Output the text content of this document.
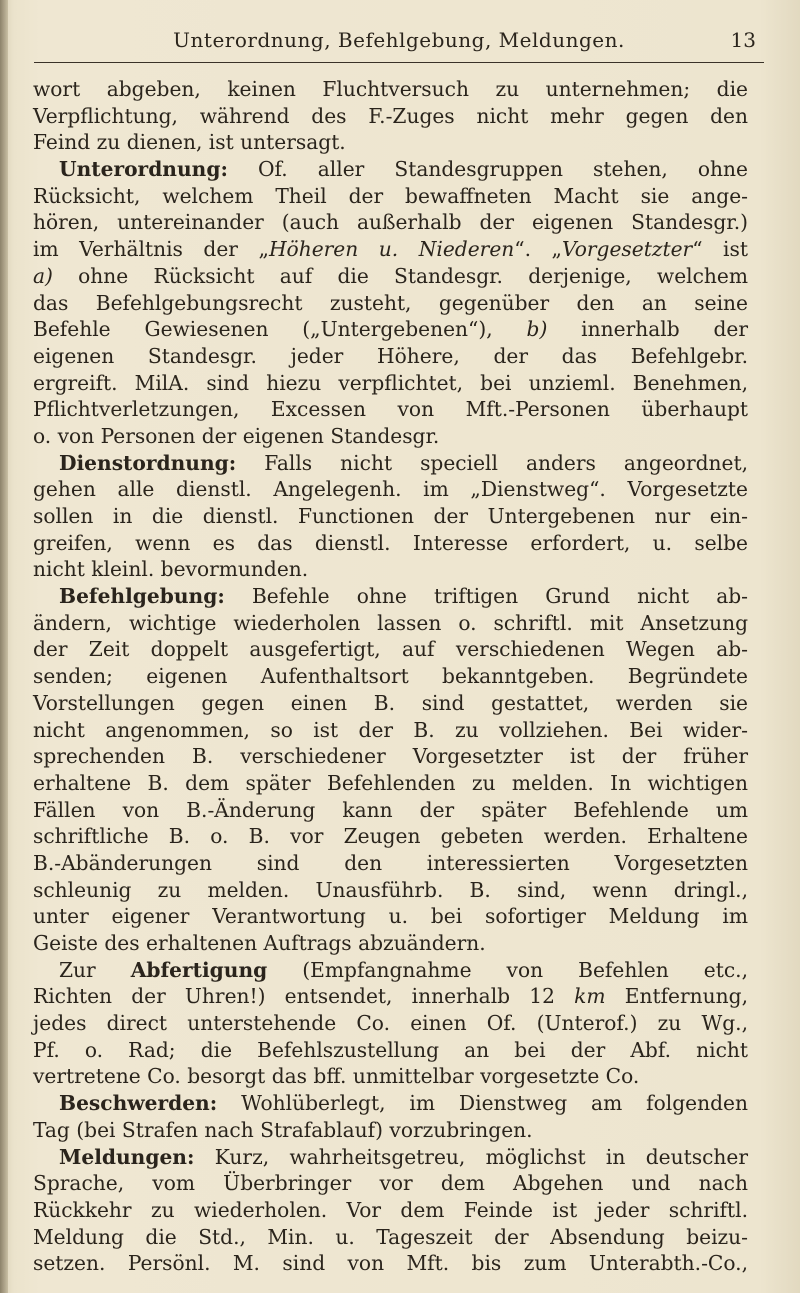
Unterordnung, Befehlgebung, Meldungen.	13
wort abgeben, keinen Fluchtversuch zu unternehmen; die
Verpflichtung, während des F.-Zuges nicht mehr gegen den
Feind zu dienen, ist untersagt.
Unterordnung: Of. aller Standesgruppen stehen, ohne
Rücksicht, welchem Theil der bewaffneten Macht sie ange-
hören, untereinander (auch außerhalb der eigenen Standesgr.)
im Verhältnis der „Höheren u. Niederen“. „Vorgesetzter“ ist
a) ohne Rücksicht auf die Standesgr. derjenige, welchem
das Befehlgebungsrecht zusteht, gegenüber den an seine
Befehle Gewiesenen („Untergebenen“), b) innerhalb der
eigenen Standesgr. jeder Höhere, der das Befehlgebr.
ergreift. MilA. sind hiezu verpflichtet, bei unzieml. Benehmen,
Pflichtverletzungen, Excessen von Mft.-Personen überhaupt
o. von Personen der eigenen Standesgr.
Dienstordnung: Falls nicht speciell anders angeordnet,
gehen alle dienstl. Angelegenh. im „Dienstweg“. Vorgesetzte
sollen in die dienstl. Functionen der Untergebenen nur ein-
greifen, wenn es das dienstl. Interesse erfordert, u. selbe
nicht kleinl. bevormunden.
Befehlgebung: Befehle ohne triftigen Grund nicht ab-
ändern, wichtige wiederholen lassen o. schriftl. mit Ansetzung
der Zeit doppelt ausgefertigt, auf verschiedenen Wegen ab-
senden; eigenen Aufenthaltsort bekanntgeben. Begründete
Vorstellungen gegen einen B. sind gestattet, werden sie
nicht angenommen, so ist der B. zu vollziehen. Bei wider-
sprechenden B. verschiedener Vorgesetzter ist der früher
erhaltene B. dem später Befehlenden zu melden. In wichtigen
Fällen von B.-Änderung kann der später Befehlende um
schriftliche B. o. B. vor Zeugen gebeten werden. Erhaltene
B.-Abänderungen sind den interessierten Vorgesetzten
schleunig zu melden. Unausführb. B. sind, wenn dringl.,
unter eigener Verantwortung u. bei sofortiger Meldung im
Geiste des erhaltenen Auftrags abzuändern.
Zur Abfertigung (Empfangnahme von Befehlen etc.,
Richten der Uhren!) entsendet, innerhalb 12 km Entfernung,
jedes direct unterstehende Co. einen Of. (Unterof.) zu Wg.,
Pf. o. Rad; die Befehlszustellung an bei der Abf. nicht
vertretene Co. besorgt das bff. unmittelbar vorgesetzte Co.
Beschwerden: Wohlüberlegt, im Dienstweg am folgenden
Tag (bei Strafen nach Strafablauf) vorzubringen.
Meldungen: Kurz, wahrheitsgetreu, möglichst in deutscher
Sprache, vom Überbringer vor dem Abgehen und nach
Rückkehr zu wiederholen. Vor dem Feinde ist jeder schriftl.
Meldung die Std., Min. u. Tageszeit der Absendung beizu-
setzen. Persönl. M. sind von Mft. bis zum Unterabth.-Co.,
